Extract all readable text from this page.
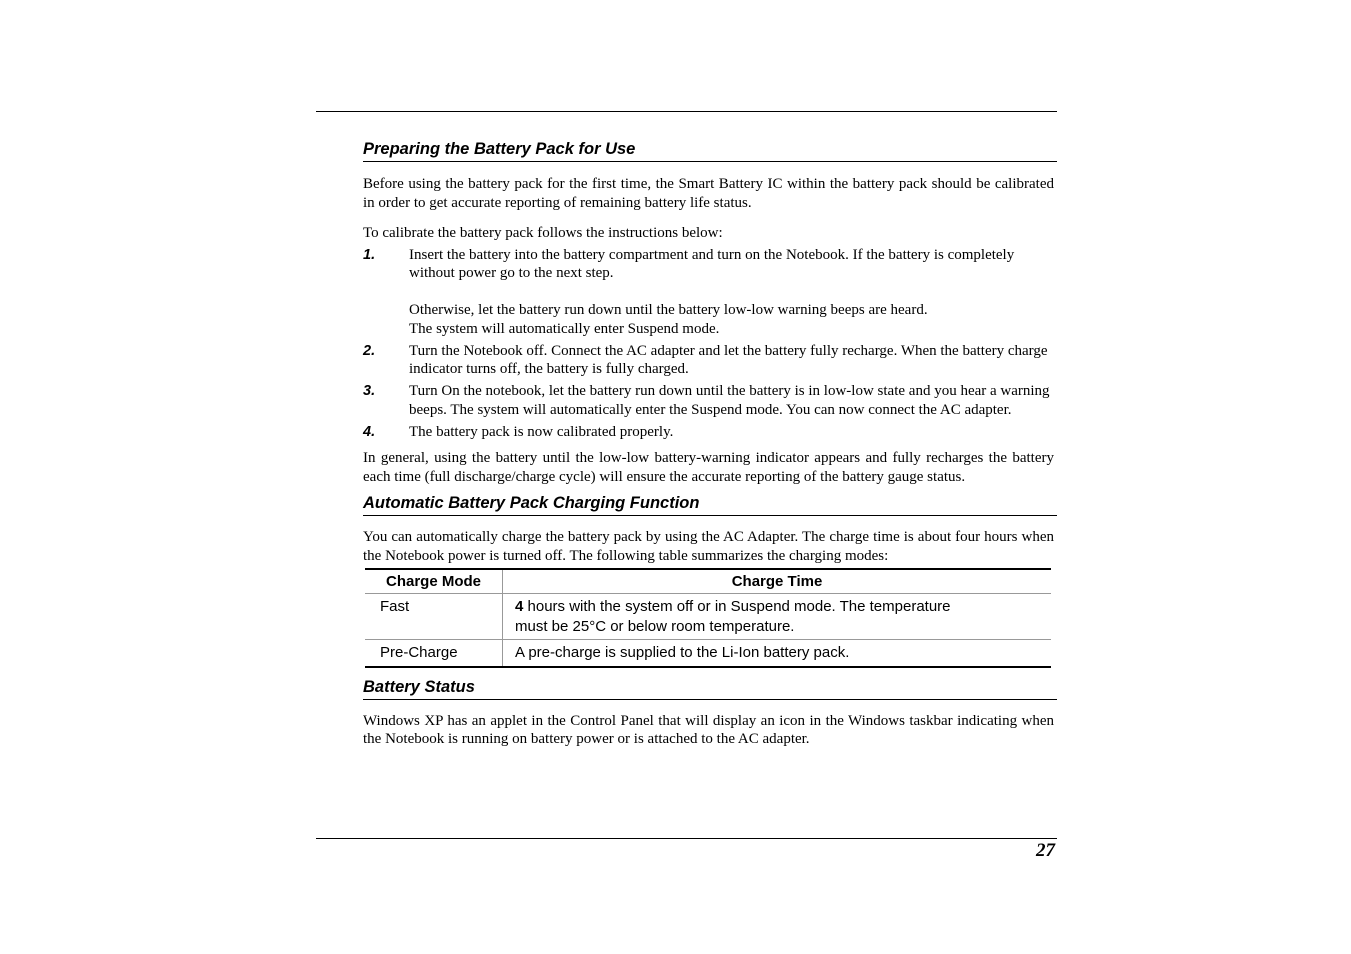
Preparing the Battery Pack for Use

Before using the battery pack for the first time, the Smart Battery IC within the battery pack should be calibrated in order to get accurate reporting of remaining battery life status.

To calibrate the battery pack follows the instructions below:

1. Insert the battery into the battery compartment and turn on the Notebook. If the battery is completely without power go to the next step.
Otherwise, let the battery run down until the battery low-low warning beeps are heard.
The system will automatically enter Suspend mode.
2. Turn the Notebook off. Connect the AC adapter and let the battery fully recharge. When the battery charge indicator turns off, the battery is fully charged.
3. Turn On the notebook, let the battery run down until the battery is in low-low state and you hear a warning beeps. The system will automatically enter the Suspend mode. You can now connect the AC adapter.
4. The battery pack is now calibrated properly.

In general, using the battery until the low-low battery-warning indicator appears and fully recharges the battery each time (full discharge/charge cycle) will ensure the accurate reporting of the battery gauge status.

Automatic Battery Pack Charging Function

You can automatically charge the battery pack by using the AC Adapter. The charge time is about four hours when the Notebook power is turned off. The following table summarizes the charging modes:

Charge Mode	Charge Time
Fast	4 hours with the system off or in Suspend mode. The temperature
must be 25°C or below room temperature.
Pre-Charge	A pre-charge is supplied to the Li-Ion battery pack.
Battery Status

Windows XP has an applet in the Control Panel that will display an icon in the Windows taskbar indicating when the Notebook is running on battery power or is attached to the AC adapter.

27
